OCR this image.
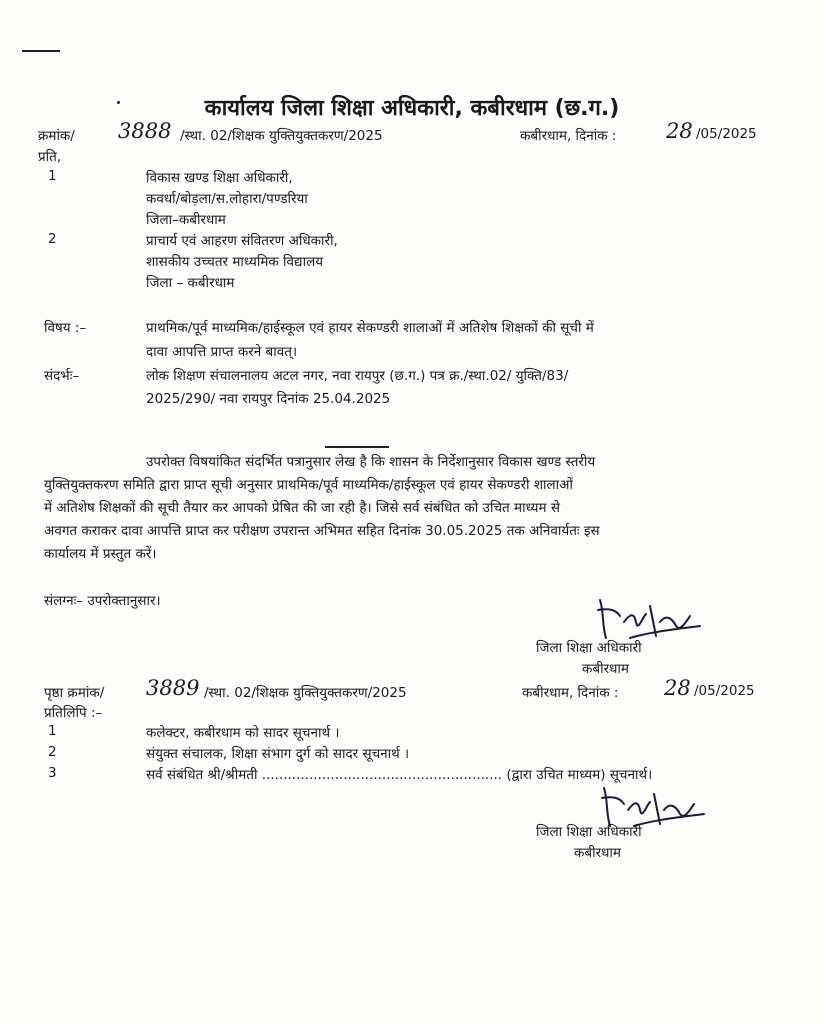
कार्यालय जिला शिक्षा अधिकारी, कबीरधाम (छ.ग.)
क्रमांक/ 3888 /स्था. 02/शिक्षक युक्तियुक्तकरण/2025	कबीरधाम, दिनांक : 28 /05/2025
प्रति,
1	विकास खण्ड शिक्षा अधिकारी,
कवर्धा/बोड़ला/स.लोहारा/पण्डरिया
जिला–कबीरधाम
2	प्राचार्य एवं आहरण संवितरण अधिकारी,
शासकीय उच्चतर माध्यमिक विद्यालय
जिला – कबीरधाम
विषय :–	प्राथमिक/पूर्व माध्यमिक/हाईस्कूल एवं हायर सेकण्डरी शालाओं में अतिशेष शिक्षकों की सूची में
दावा आपत्ति प्राप्त करने बावत्।
संदर्भः–	लोक शिक्षण संचालनालय अटल नगर, नवा रायपुर (छ.ग.) पत्र क्र./स्था.02/ युक्ति/83/
2025/290/ नवा रायपुर दिनांक 25.04.2025
उपरोक्त विषयांकित संदर्भित पत्रानुसार लेख है कि शासन के निर्देशानुसार विकास खण्ड स्तरीय
युक्तियुक्तकरण समिति द्वारा प्राप्त सूची अनुसार प्राथमिक/पूर्व माध्यमिक/हाईस्कूल एवं हायर सेकण्डरी शालाओं
में अतिशेष शिक्षकों की सूची तैयार कर आपको प्रेषित की जा रही है। जिसे सर्व संबंधित को उचित माध्यम से
अवगत कराकर दावा आपत्ति प्राप्त कर परीक्षण उपरान्त अभिमत सहित दिनांक 30.05.2025 तक अनिवार्यतः इस
कार्यालय में प्रस्तुत करें।
संलग्नः– उपरोक्तानुसार।
जिला शिक्षा अधिकारी
कबीरधाम
पृष्ठा क्रमांक/ 3889 /स्था. 02/शिक्षक युक्तियुक्तकरण/2025	कबीरधाम, दिनांक : 28 /05/2025
प्रतिलिपि :–
1	कलेक्टर, कबीरधाम को सादर सूचनार्थ ।
2	संयुक्त संचालक, शिक्षा संभाग दुर्ग को सादर सूचनार्थ ।
3	सर्व संबंधित श्री/श्रीमती ........................................................ (द्वारा उचित माध्यम) सूचनार्थ।
जिला शिक्षा अधिकारी
कबीरधाम
